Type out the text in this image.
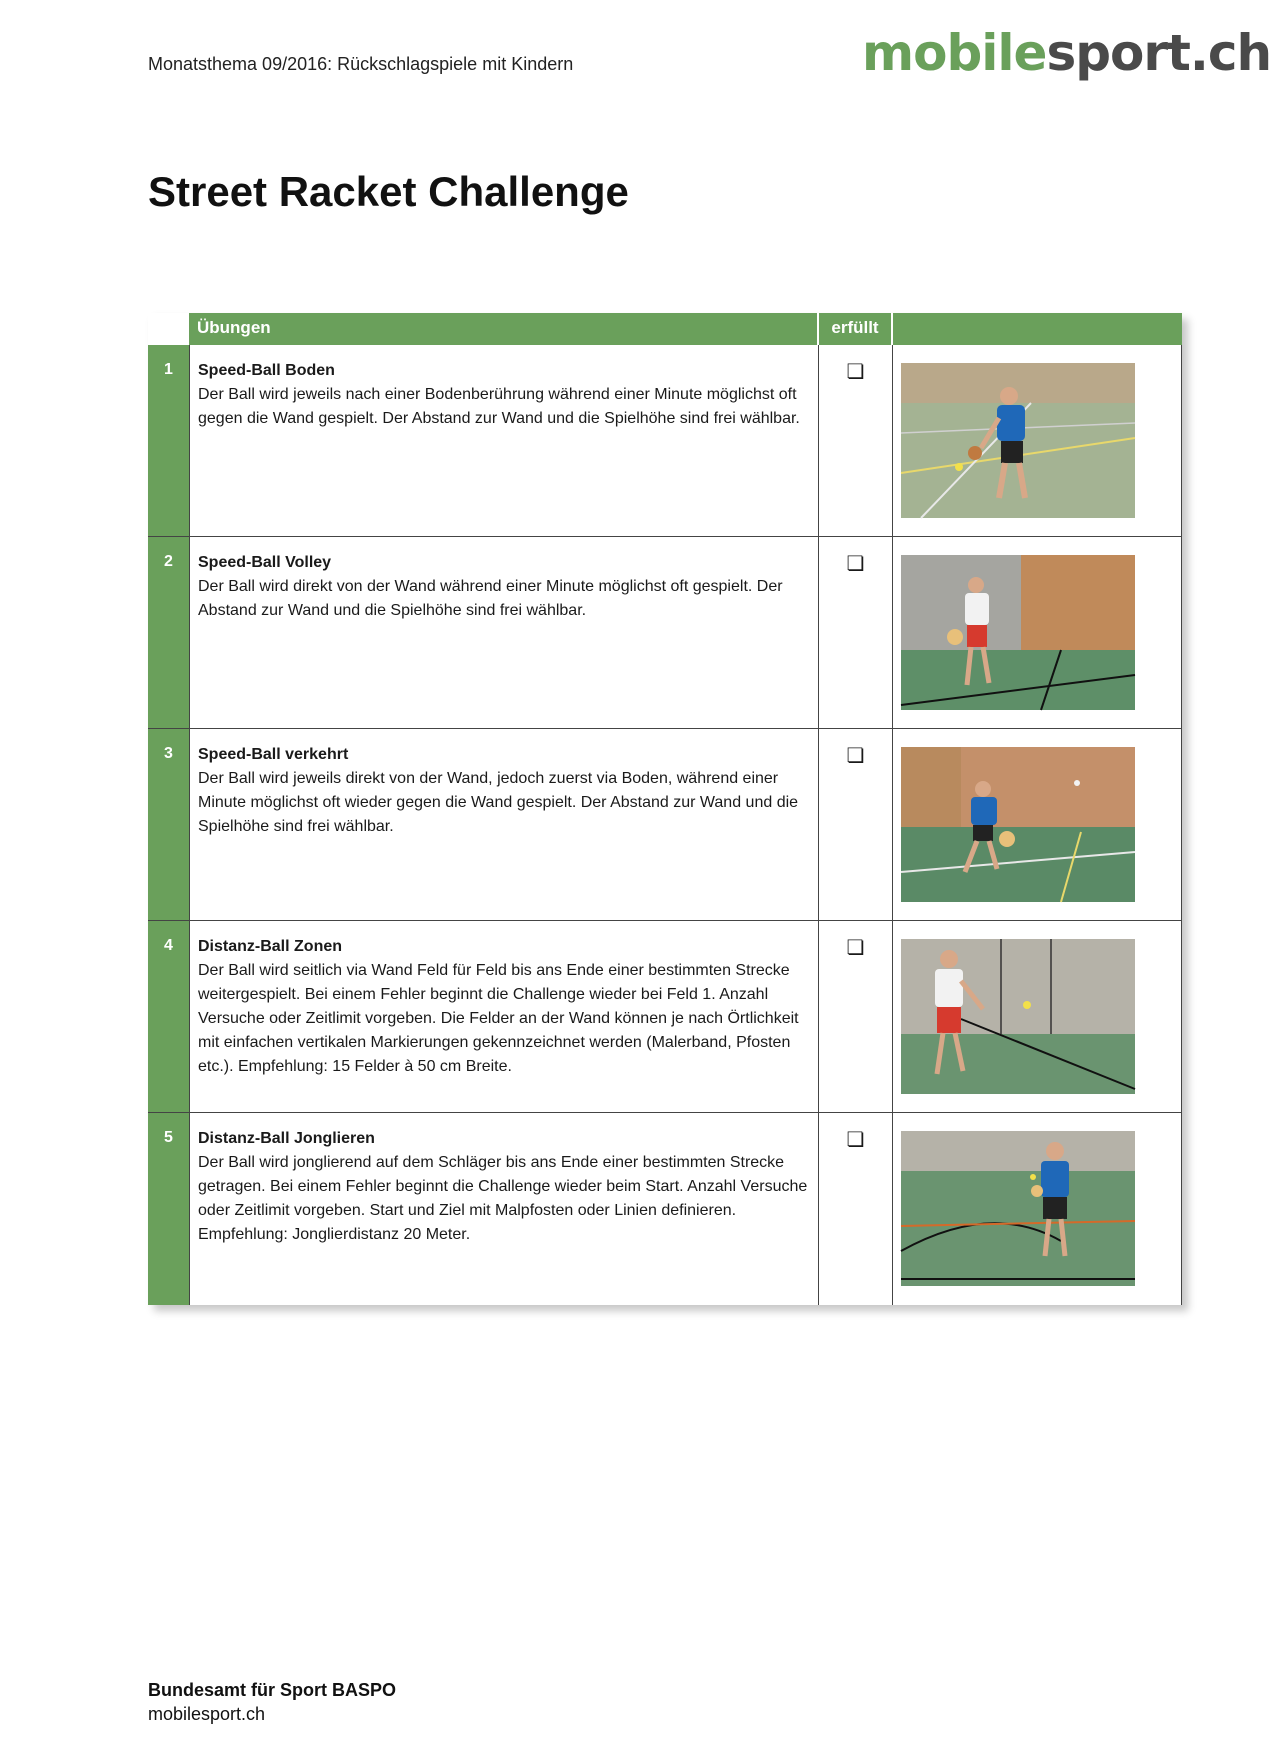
Monatsthema 09/2016: Rückschlagspiele mit Kindern	mobilesport.ch
Street Racket Challenge
Übungen	erfüllt
1	Speed-Ball Boden
Der Ball wird jeweils nach einer Bodenberührung während einer Minute möglichst oft gegen die Wand gespielt. Der Abstand zur Wand und die Spielhöhe sind frei wählbar.
❏
2	Speed-Ball Volley
Der Ball wird direkt von der Wand während einer Minute möglichst oft gespielt. Der Abstand zur Wand und die Spielhöhe sind frei wählbar.
❏
3	Speed-Ball verkehrt
Der Ball wird jeweils direkt von der Wand, jedoch zuerst via Boden, während einer Minute möglichst oft wieder gegen die Wand gespielt. Der Abstand zur Wand und die Spielhöhe sind frei wählbar.
❏
4	Distanz-Ball Zonen
Der Ball wird seitlich via Wand Feld für Feld bis ans Ende einer bestimmten Strecke weitergespielt. Bei einem Fehler beginnt die Challenge wieder bei Feld 1. Anzahl Versuche oder Zeitlimit vorgeben. Die Felder an der Wand können je nach Örtlichkeit mit einfachen vertikalen Markierungen gekennzeichnet werden (Malerband, Pfosten etc.). Empfehlung: 15 Felder à 50 cm Breite.
❏
5	Distanz-Ball Jonglieren
Der Ball wird jonglierend auf dem Schläger bis ans Ende einer bestimmten Strecke getragen. Bei einem Fehler beginnt die Challenge wieder beim Start. Anzahl Versuche oder Zeitlimit vorgeben. Start und Ziel mit Malpfosten oder Linien definieren. Empfehlung: Jonglierdistanz 20 Meter.
❏
Bundesamt für Sport BASPO
mobilesport.ch
